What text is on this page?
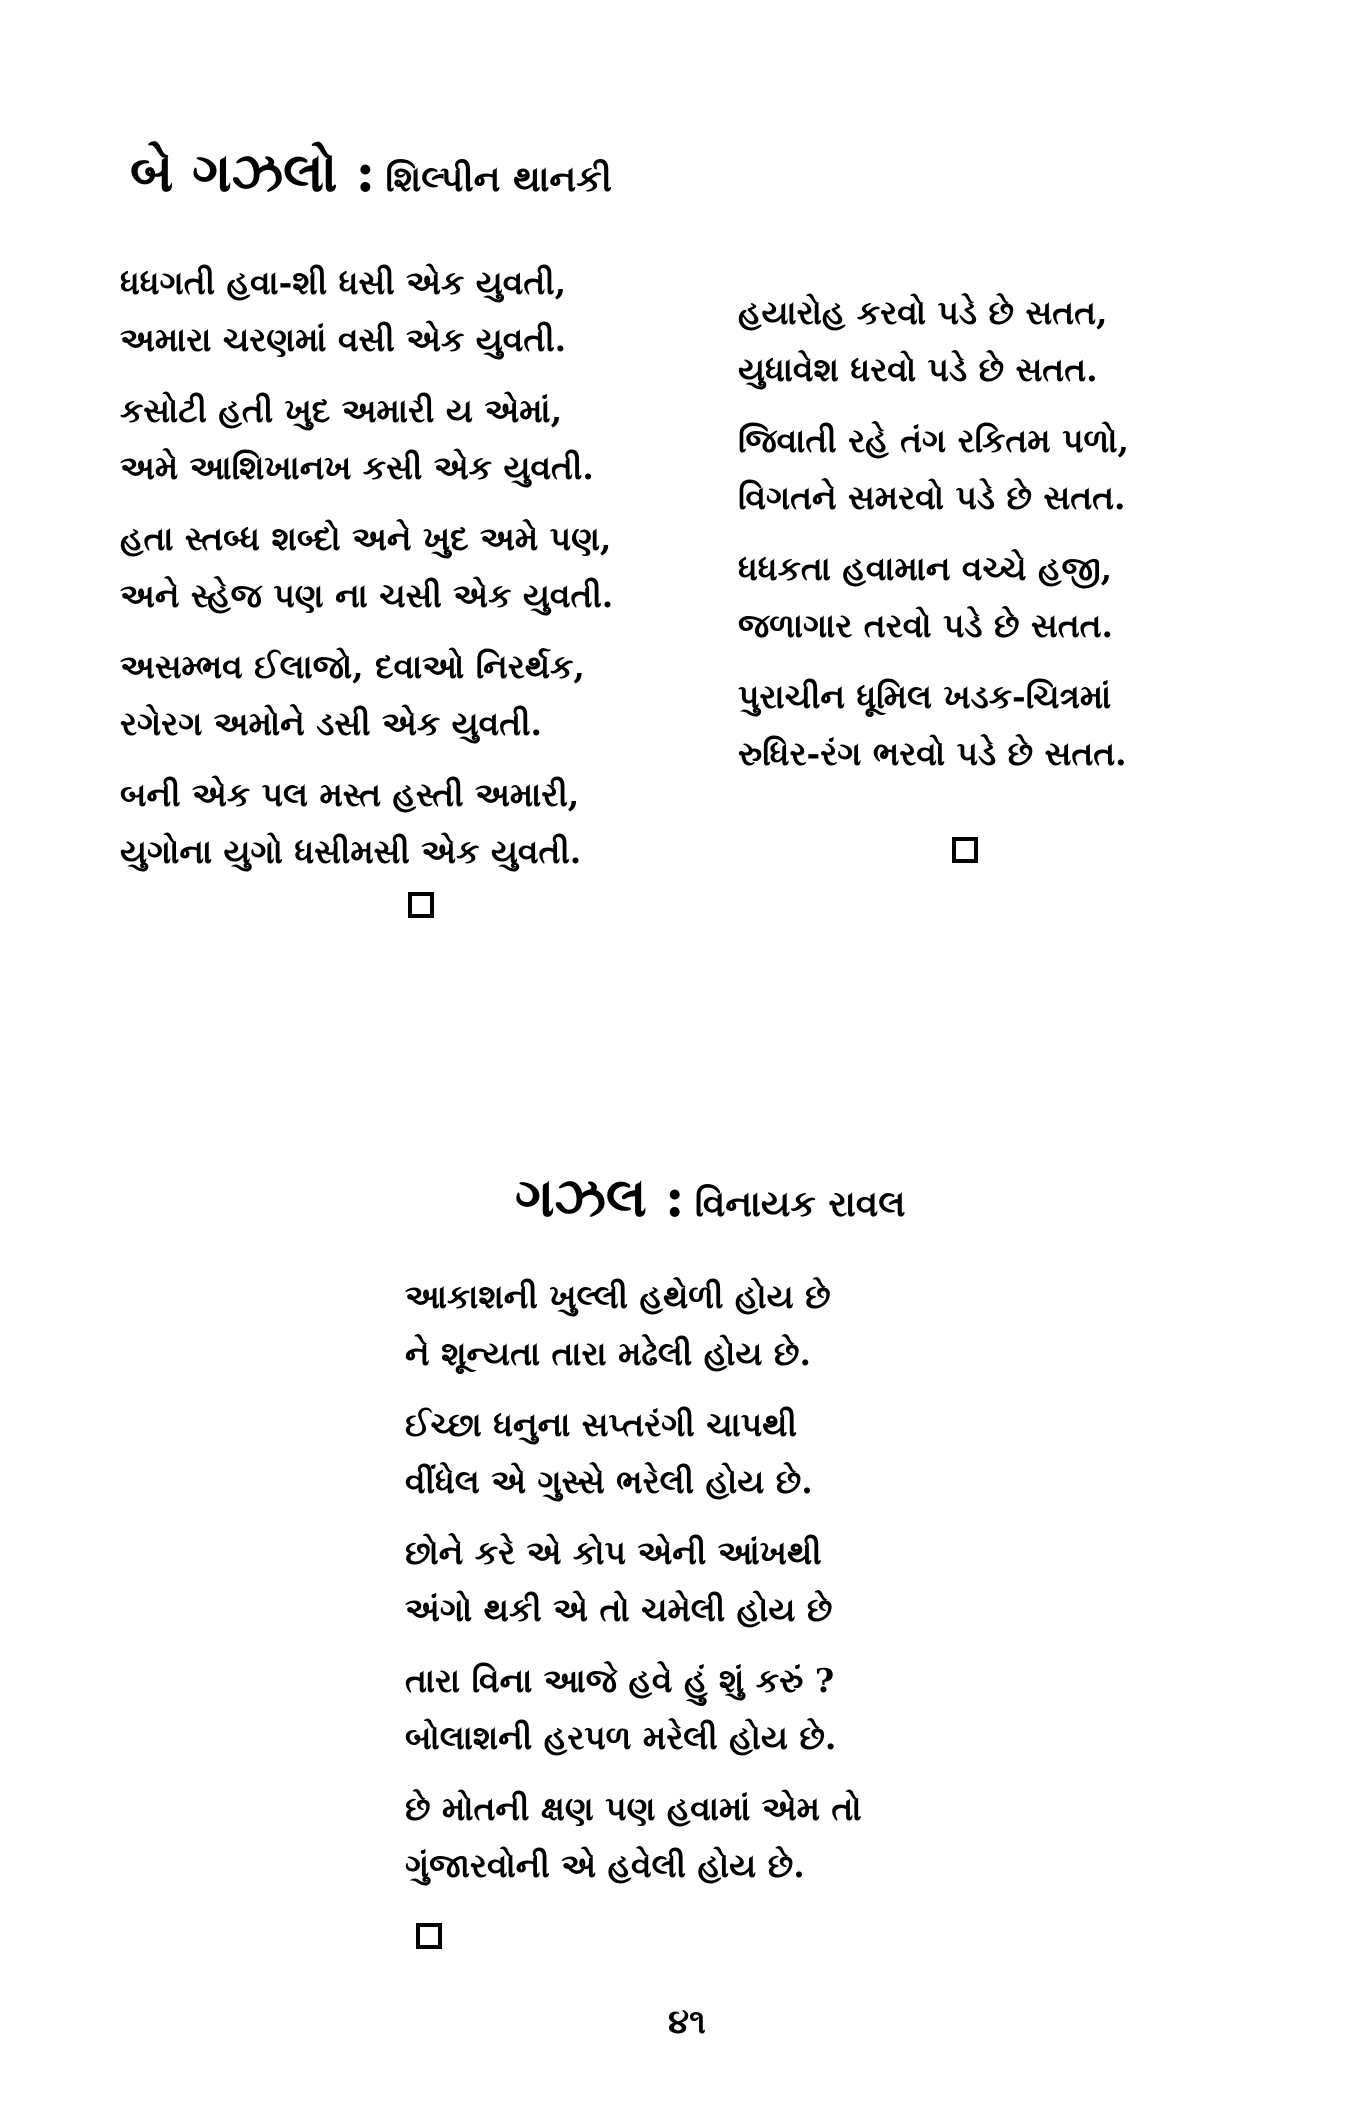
બે ગઝલો : શિલ્પીન થાનકી
ધધગતી હવા-શી ધસી એક યુવતી,
અમારા ચરણમાં વસી એક યુવતી.
કસોટી હતી ખુદ અમારી ય એમાં,
અમે આશિખાનખ કસી એક યુવતી.
હતા સ્તબ્ધ શબ્દો અને ખુદ અમે પણ,
અને સ્હેજ પણ ના ચસી એક યુવતી.
અસમ્ભવ ઈલાજો, દવાઓ નિરર્થક,
રગેરગ અમોને ડસી એક યુવતી.
બની એક પલ મસ્ત હસ્તી અમારી,
યુગોના યુગો ધસીમસી એક યુવતી.
હયારોહ કરવો પડે છે સતત,
યુધાવેશ ધરવો પડે છે સતત.
જિવાતી રહે તંગ રકિતમ પળો,
વિગતને સમરવો પડે છે સતત.
ધધકતા હવામાન વચ્ચે હજી,
જળાગાર તરવો પડે છે સતત.
પુરાચીન ધૂમિલ ખડક-ચિત્રમાં
રુધિર-રંગ ભરવો પડે છે સતત.
ગઝલ : વિનાયક રાવલ
આકાશની ખુલ્લી હથેળી હોય છે
ને શૂન્યતા તારા મઢેલી હોય છે.
ઈચ્છા ધનુના સપ્તરંગી ચાપથી
વીંધેલ એ ગુસ્સે ભરેલી હોય છે.
છોને કરે એ કોપ એની આંખથી
અંગો થકી એ તો ચમેલી હોય છે
તારા વિના આજે હવે હું શું કરું ?
બોલાશની હરપળ મરેલી હોય છે.
છે મોતની ક્ષણ પણ હવામાં એમ તો
ગુંજારવોની એ હવેલી હોય છે.
૪૧
